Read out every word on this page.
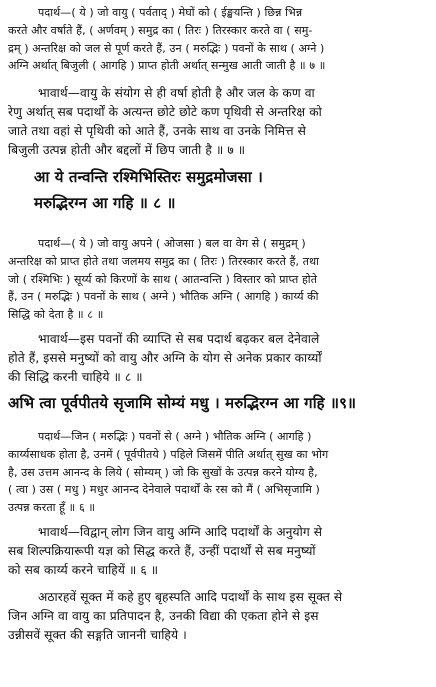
पदार्थ—( ये ) जो वायु ( पर्वताद् ) मेघों को ( ईङ्खयन्ति ) छिन्न भिन्न
करते और वर्षाते हैं, ( अर्णवम् ) समुद्र का ( तिरः ) तिरस्कार करते वा ( समु-
द्रम् ) अन्तरिक्ष को जल से पूर्ण करते हैं, उन ( मरुद्भिः ) पवनों के साथ ( अग्ने )
अग्नि अर्थात् बिजुली ( आगहि ) प्राप्त होती अर्थात् सन्मुख आती जाती है ॥ ७ ॥
भावार्थ—वायु के संयोग से ही वर्षा होती है और जल के कण वा
रेणु अर्थात् सब पदार्थों के अत्यन्त छोटे छोटे कण पृथिवी से अन्तरिक्ष को
जाते तथा वहां से पृथिवी को आते हैं, उनके साथ वा उनके निमित्त से
बिजुली उत्पन्न होती और बद्दलों में छिप जाती है ॥ ७ ॥
आ ये तन्वन्ति रश्मिभिस्तिरः समुद्रमोजसा ।
मरुद्भिरग्न आ गहि ॥ ८ ॥
पदार्थ—( ये ) जो वायु अपने ( ओजसा ) बल वा वेग से ( समुद्रम् )
अन्तरिक्ष को प्राप्त होते तथा जलमय समुद्र का ( तिरः ) तिरस्कार करते हैं, तथा
जो ( रश्मिभिः ) सूर्य्य को किरणों के साथ ( आतन्वन्ति ) विस्तार को प्राप्त होते
हैं, उन ( मरुद्भिः ) पवनों के साथ ( अग्ने ) भौतिक अग्नि ( आगहि ) कार्य्य की
सिद्धि को देता है ॥ ८ ॥
भावार्थ—इस पवनों की व्याप्ति से सब पदार्थ बढ़कर बल देनेवाले
होते हैं, इससे मनुष्यों को वायु और अग्नि के योग से अनेक प्रकार कार्य्यों
की सिद्धि करनी चाहिये ॥ ८ ॥
अभि त्वा पूर्वपीतये सृजामि सोम्यं मधु । मरुद्भिरग्न आ गहि ॥९॥
पदार्थ—जिन ( मरुद्भिः ) पवनों से ( अग्ने ) भौतिक अग्नि ( आगहि )
कार्य्यसाधक होता है, उनमें ( पूर्वपीतये ) पहिले जिसमें पीति अर्थात् सुख का भोग
है, उस उत्तम आनन्द के लिये ( सोम्यम् ) जो कि सुखों के उत्पन्न करने योग्य है,
( त्वा ) उस ( मधु ) मधुर आनन्द देनेवाले पदार्थों के रस को मैं ( अभिसृजामि )
उत्पन्न करता हूँ ॥ ६ ॥
भावार्थ—विद्वान् लोग जिन वायु अग्नि आदि पदार्थों के अनुयोग से
सब शिल्पक्रियारूपी यज्ञ को सिद्ध करते हैं, उन्हीं पदार्थों से सब मनुष्यों
को सब कार्य्य करने चाहियें ॥ ६ ॥
अठारहवें सूक्त में कहे हुए बृहस्पति आदि पदार्थों के साथ इस सूक्त से
जिन अग्नि वा वायु का प्रतिपादन है, उनकी विद्या की एकता होने से इस
उन्नीसवें सूक्त की सङ्गति जाननी चाहिये ।
